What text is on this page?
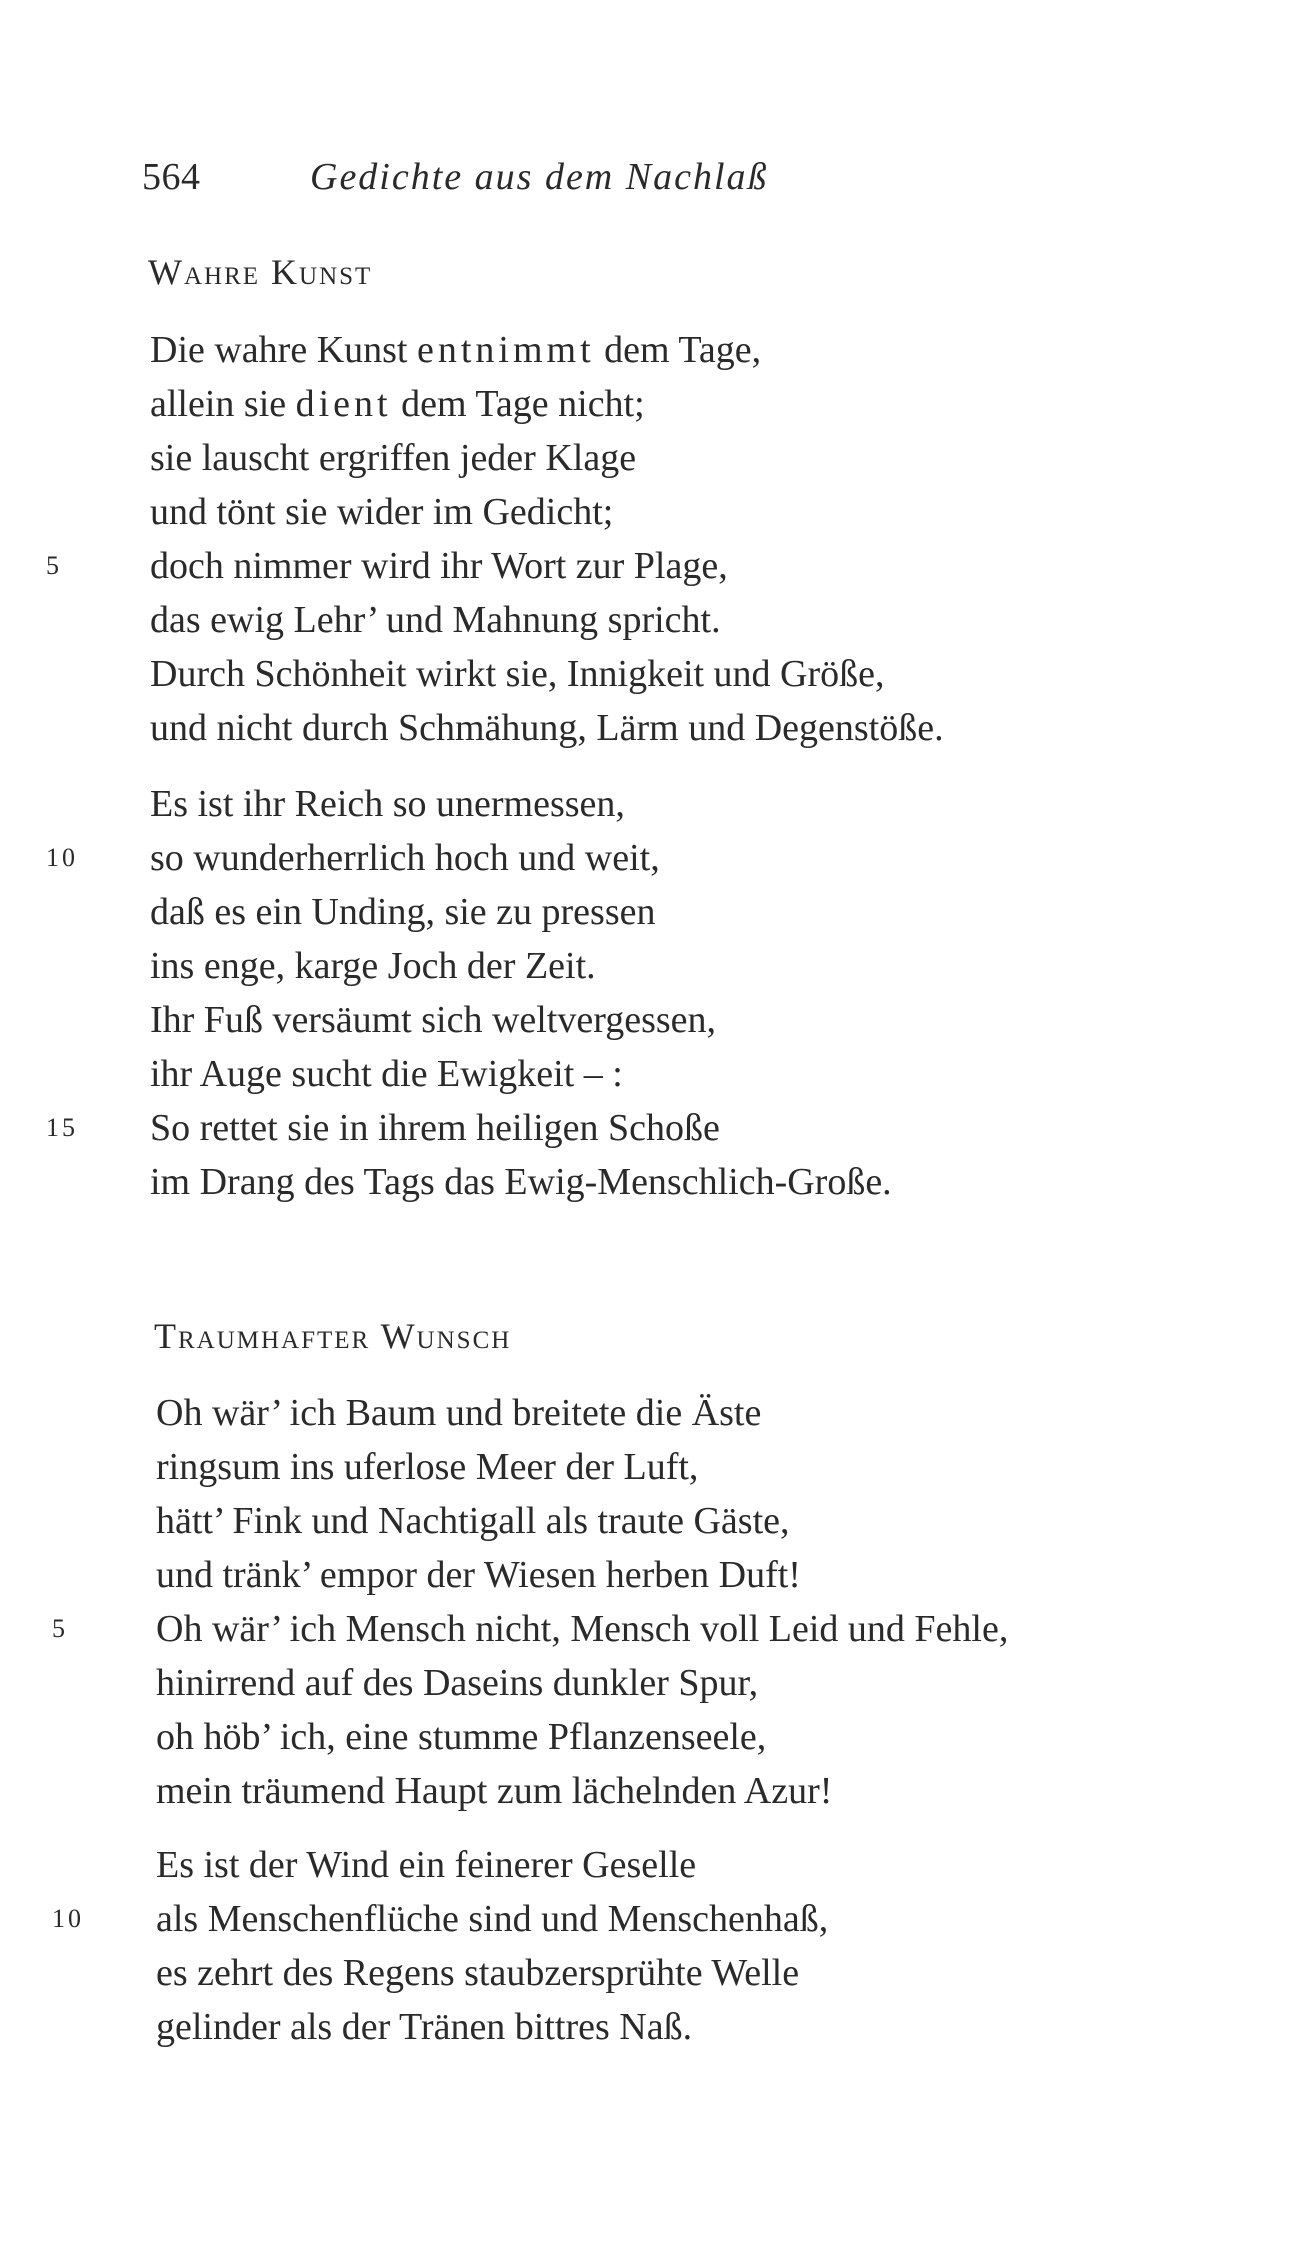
564	Gedichte aus dem Nachlaß
Wahre Kunst
Die wahre Kunst entnimmt dem Tage,
allein sie dient dem Tage nicht;
sie lauscht ergriffen jeder Klage
und tönt sie wider im Gedicht;
5	doch nimmer wird ihr Wort zur Plage,
das ewig Lehr’ und Mahnung spricht.
Durch Schönheit wirkt sie, Innigkeit und Größe,
und nicht durch Schmähung, Lärm und Degenstöße.
Es ist ihr Reich so unermessen,
10 so wunderherrlich hoch und weit,
daß es ein Unding, sie zu pressen
ins enge, karge Joch der Zeit.
Ihr Fuß versäumt sich weltvergessen,
ihr Auge sucht die Ewigkeit – :
15 So rettet sie in ihrem heiligen Schoße
im Drang des Tags das Ewig-Menschlich-Große.
Traumhafter Wunsch
Oh wär’ ich Baum und breitete die Äste
ringsum ins uferlose Meer der Luft,
hätt’ Fink und Nachtigall als traute Gäste,
und tränk’ empor der Wiesen herben Duft!
5	Oh wär’ ich Mensch nicht, Mensch voll Leid und Fehle,
hinirrend auf des Daseins dunkler Spur,
oh höb’ ich, eine stumme Pflanzenseele,
mein träumend Haupt zum lächelnden Azur!
Es ist der Wind ein feinerer Geselle
10 als Menschenflüche sind und Menschenhaß,
es zehrt des Regens staubzersprühte Welle
gelinder als der Tränen bittres Naß.
